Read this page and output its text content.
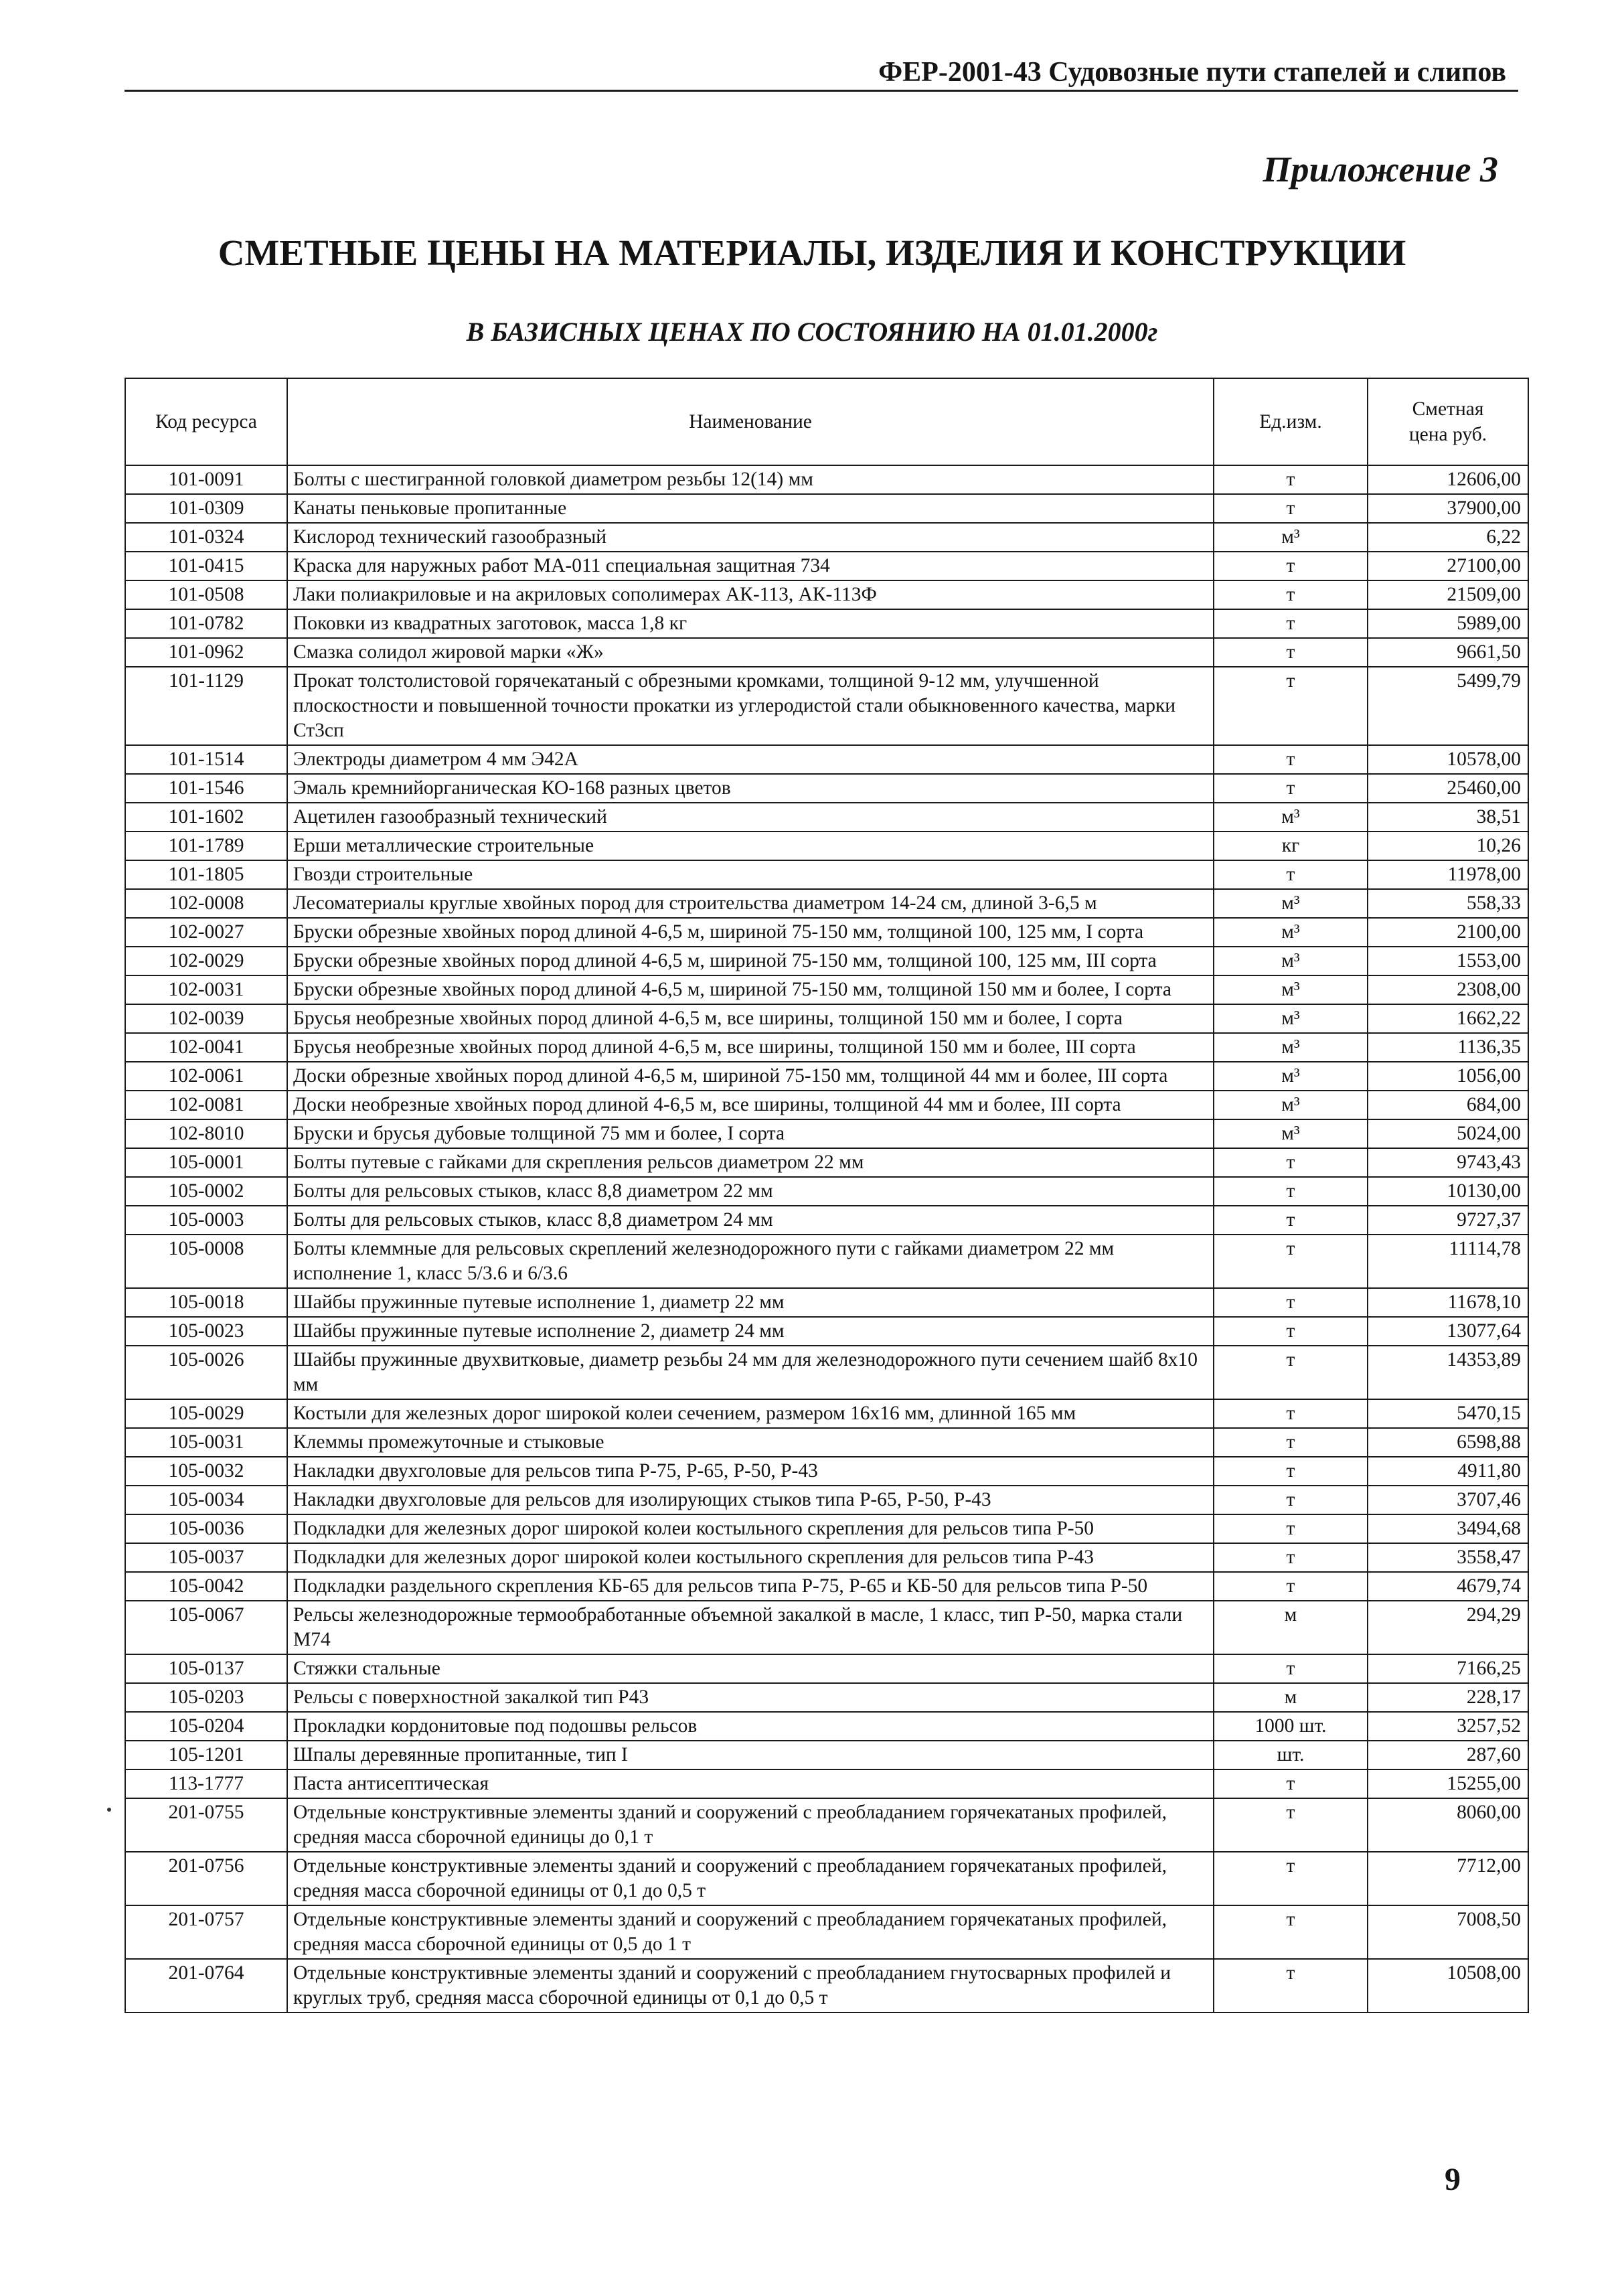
ФЕР-2001-43 Судовозные пути стапелей и слипов
Приложение 3
СМЕТНЫЕ ЦЕНЫ НА МАТЕРИАЛЫ, ИЗДЕЛИЯ И КОНСТРУКЦИИ
В БАЗИСНЫХ ЦЕНАХ ПО СОСТОЯНИЮ НА 01.01.2000г
Код ресурса	Наименование	Ед.изм.	Сметная цена руб.
101-0091	Болты с шестигранной головкой диаметром резьбы 12(14) мм	т	12606,00
101-0309	Канаты пеньковые пропитанные	т	37900,00
101-0324	Кислород технический газообразный	м³	6,22
101-0415	Краска для наружных работ МА-011 специальная защитная 734	т	27100,00
101-0508	Лаки полиакриловые и на акриловых сополимерах АК-113, АК-113Ф	т	21509,00
101-0782	Поковки из квадратных заготовок, масса 1,8 кг	т	5989,00
101-0962	Смазка солидол жировой марки «Ж»	т	9661,50
101-1129	Прокат толстолистовой горячекатаный с обрезными кромками, толщиной 9-12 мм, улучшенной плоскостности и повышенной точности прокатки из углеродистой стали обыкновенного качества, марки Ст3сп	т	5499,79
101-1514	Электроды диаметром 4 мм Э42А	т	10578,00
101-1546	Эмаль кремнийорганическая КО-168 разных цветов	т	25460,00
101-1602	Ацетилен газообразный технический	м³	38,51
101-1789	Ерши металлические строительные	кг	10,26
101-1805	Гвозди строительные	т	11978,00
102-0008	Лесоматериалы круглые хвойных пород для строительства диаметром 14-24 см, длиной 3-6,5 м	м³	558,33
102-0027	Бруски обрезные хвойных пород длиной 4-6,5 м, шириной 75-150 мм, толщиной 100, 125 мм, I сорта	м³	2100,00
102-0029	Бруски обрезные хвойных пород длиной 4-6,5 м, шириной 75-150 мм, толщиной 100, 125 мм, III сорта	м³	1553,00
102-0031	Бруски обрезные хвойных пород длиной 4-6,5 м, шириной 75-150 мм, толщиной 150 мм и более, I сорта	м³	2308,00
102-0039	Брусья необрезные хвойных пород длиной 4-6,5 м, все ширины, толщиной 150 мм и более, I сорта	м³	1662,22
102-0041	Брусья необрезные хвойных пород длиной 4-6,5 м, все ширины, толщиной 150 мм и более, III сорта	м³	1136,35
102-0061	Доски обрезные хвойных пород длиной 4-6,5 м, шириной 75-150 мм, толщиной 44 мм и более, III сорта	м³	1056,00
102-0081	Доски необрезные хвойных пород длиной 4-6,5 м, все ширины, толщиной 44 мм и более, III сорта	м³	684,00
102-8010	Бруски и брусья дубовые толщиной 75 мм и более, I сорта	м³	5024,00
105-0001	Болты путевые с гайками для скрепления рельсов диаметром 22 мм	т	9743,43
105-0002	Болты для рельсовых стыков, класс 8,8 диаметром 22 мм	т	10130,00
105-0003	Болты для рельсовых стыков, класс 8,8 диаметром 24 мм	т	9727,37
105-0008	Болты клеммные для рельсовых скреплений железнодорожного пути с гайками диаметром 22 мм исполнение 1, класс 5/3.6 и 6/3.6	т	11114,78
105-0018	Шайбы пружинные путевые исполнение 1, диаметр 22 мм	т	11678,10
105-0023	Шайбы пружинные путевые исполнение 2, диаметр 24 мм	т	13077,64
105-0026	Шайбы пружинные двухвитковые, диаметр резьбы 24 мм для железнодорожного пути сечением шайб 8х10 мм	т	14353,89
105-0029	Костыли для железных дорог широкой колеи сечением, размером 16х16 мм, длинной 165 мм	т	5470,15
105-0031	Клеммы промежуточные и стыковые	т	6598,88
105-0032	Накладки двухголовые для рельсов типа Р-75, Р-65, Р-50, Р-43	т	4911,80
105-0034	Накладки двухголовые для рельсов для изолирующих стыков типа Р-65, Р-50, Р-43	т	3707,46
105-0036	Подкладки для железных дорог широкой колеи костыльного скрепления для рельсов типа Р-50	т	3494,68
105-0037	Подкладки для железных дорог широкой колеи костыльного скрепления для рельсов типа Р-43	т	3558,47
105-0042	Подкладки раздельного скрепления КБ-65 для рельсов типа Р-75, Р-65 и КБ-50 для рельсов типа Р-50	т	4679,74
105-0067	Рельсы железнодорожные термообработанные объемной закалкой в масле, 1 класс, тип Р-50, марка стали М74	м	294,29
105-0137	Стяжки стальные	т	7166,25
105-0203	Рельсы с поверхностной закалкой тип Р43	м	228,17
105-0204	Прокладки кордонитовые под подошвы рельсов	1000 шт.	3257,52
105-1201	Шпалы деревянные пропитанные, тип I	шт.	287,60
113-1777	Паста антисептическая	т	15255,00
201-0755	Отдельные конструктивные элементы зданий и сооружений с преобладанием горячекатаных профилей, средняя масса сборочной единицы до 0,1 т	т	8060,00
201-0756	Отдельные конструктивные элементы зданий и сооружений с преобладанием горячекатаных профилей, средняя масса сборочной единицы от 0,1 до 0,5 т	т	7712,00
201-0757	Отдельные конструктивные элементы зданий и сооружений с преобладанием горячекатаных профилей, средняя масса сборочной единицы от 0,5 до 1 т	т	7008,50
201-0764	Отдельные конструктивные элементы зданий и сооружений с преобладанием гнутосварных профилей и круглых труб, средняя масса сборочной единицы от 0,1 до 0,5 т	т	10508,00
9
